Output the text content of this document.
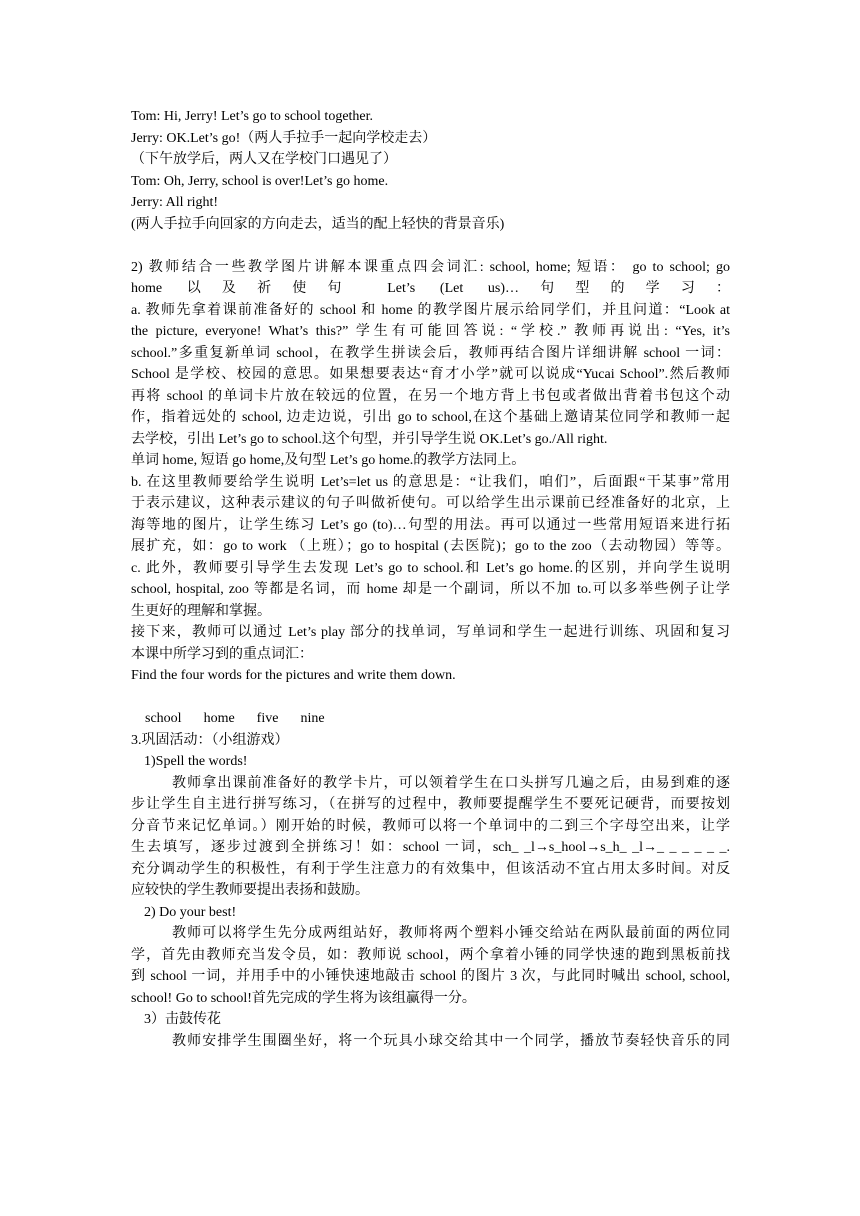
Tom: Hi, Jerry! Let’s go to school together.
Jerry: OK.Let’s go!（两人手拉手一起向学校走去）
（下午放学后，两人又在学校门口遇见了）
Tom: Oh, Jerry, school is over!Let’s go home.
Jerry: All right!
(两人手拉手向回家的方向走去，适当的配上轻快的背景音乐)
2) 教师结合一些教学图片讲解本课重点四会词汇: school, home; 短语： go to school; go
home 以及祈使句 Let’s (Let us)…句型的学习：
a. 教师先拿着课前准备好的 school 和 home 的教学图片展示给同学们，并且问道：“Look at
the picture, everyone! What’s this?” 学生有可能回答说: “学校.” 教师再说出: “Yes, it’s
school.”多重复新单词 school，在教学生拼读会后，教师再结合图片详细讲解 school 一词：
School 是学校、校园的意思。如果想要表达“育才小学”就可以说成“Yucai School”.然后教师
再将 school 的单词卡片放在较远的位置，在另一个地方背上书包或者做出背着书包这个动
作，指着远处的 school, 边走边说，引出 go to school,在这个基础上邀请某位同学和教师一起
去学校，引出 Let’s go to school.这个句型，并引导学生说 OK.Let’s go./All right.
单词 home, 短语 go home,及句型 Let’s go home.的教学方法同上。
b. 在这里教师要给学生说明 Let’s=let us 的意思是：“让我们，咱们”，后面跟“干某事”常用
于表示建议，这种表示建议的句子叫做祈使句。可以给学生出示课前已经准备好的北京，上
海等地的图片，让学生练习 Let’s go (to)…句型的用法。再可以通过一些常用短语来进行拓
展扩充，如：go to work （上班）；go to hospital (去医院)；go to the zoo（去动物园）等等。
c. 此外，教师要引导学生去发现 Let’s go to school.和 Let’s go home.的区别，并向学生说明
school, hospital, zoo 等都是名词，而 home 却是一个副词，所以不加 to.可以多举些例子让学
生更好的理解和掌握。
接下来，教师可以通过 Let’s play 部分的找单词，写单词和学生一起进行训练、巩固和复习
本课中所学习到的重点词汇：
Find the four words for the pictures and write them down.
school home five nine
3.巩固活动：（小组游戏）
1)Spell the words!
教师拿出课前准备好的教学卡片，可以领着学生在口头拼写几遍之后，由易到难的逐
步让学生自主进行拼写练习，（在拼写的过程中，教师要提醒学生不要死记硬背，而要按划
分音节来记忆单词。）刚开始的时候，教师可以将一个单词中的二到三个字母空出来，让学
生去填写，逐步过渡到全拼练习！如：school 一词，sch_ _l→s_hool→s_h_ _l→_ _ _ _ _ _.
充分调动学生的积极性，有利于学生注意力的有效集中，但该活动不宜占用太多时间。对反
应较快的学生教师要提出表扬和鼓励。
2) Do your best!
教师可以将学生先分成两组站好，教师将两个塑料小锤交给站在两队最前面的两位同
学，首先由教师充当发令员，如：教师说 school，两个拿着小锤的同学快速的跑到黑板前找
到 school 一词，并用手中的小锤快速地敲击 school 的图片 3 次，与此同时喊出 school, school,
school! Go to school!首先完成的学生将为该组赢得一分。
3）击鼓传花
教师安排学生围圈坐好，将一个玩具小球交给其中一个同学，播放节奏轻快音乐的同
